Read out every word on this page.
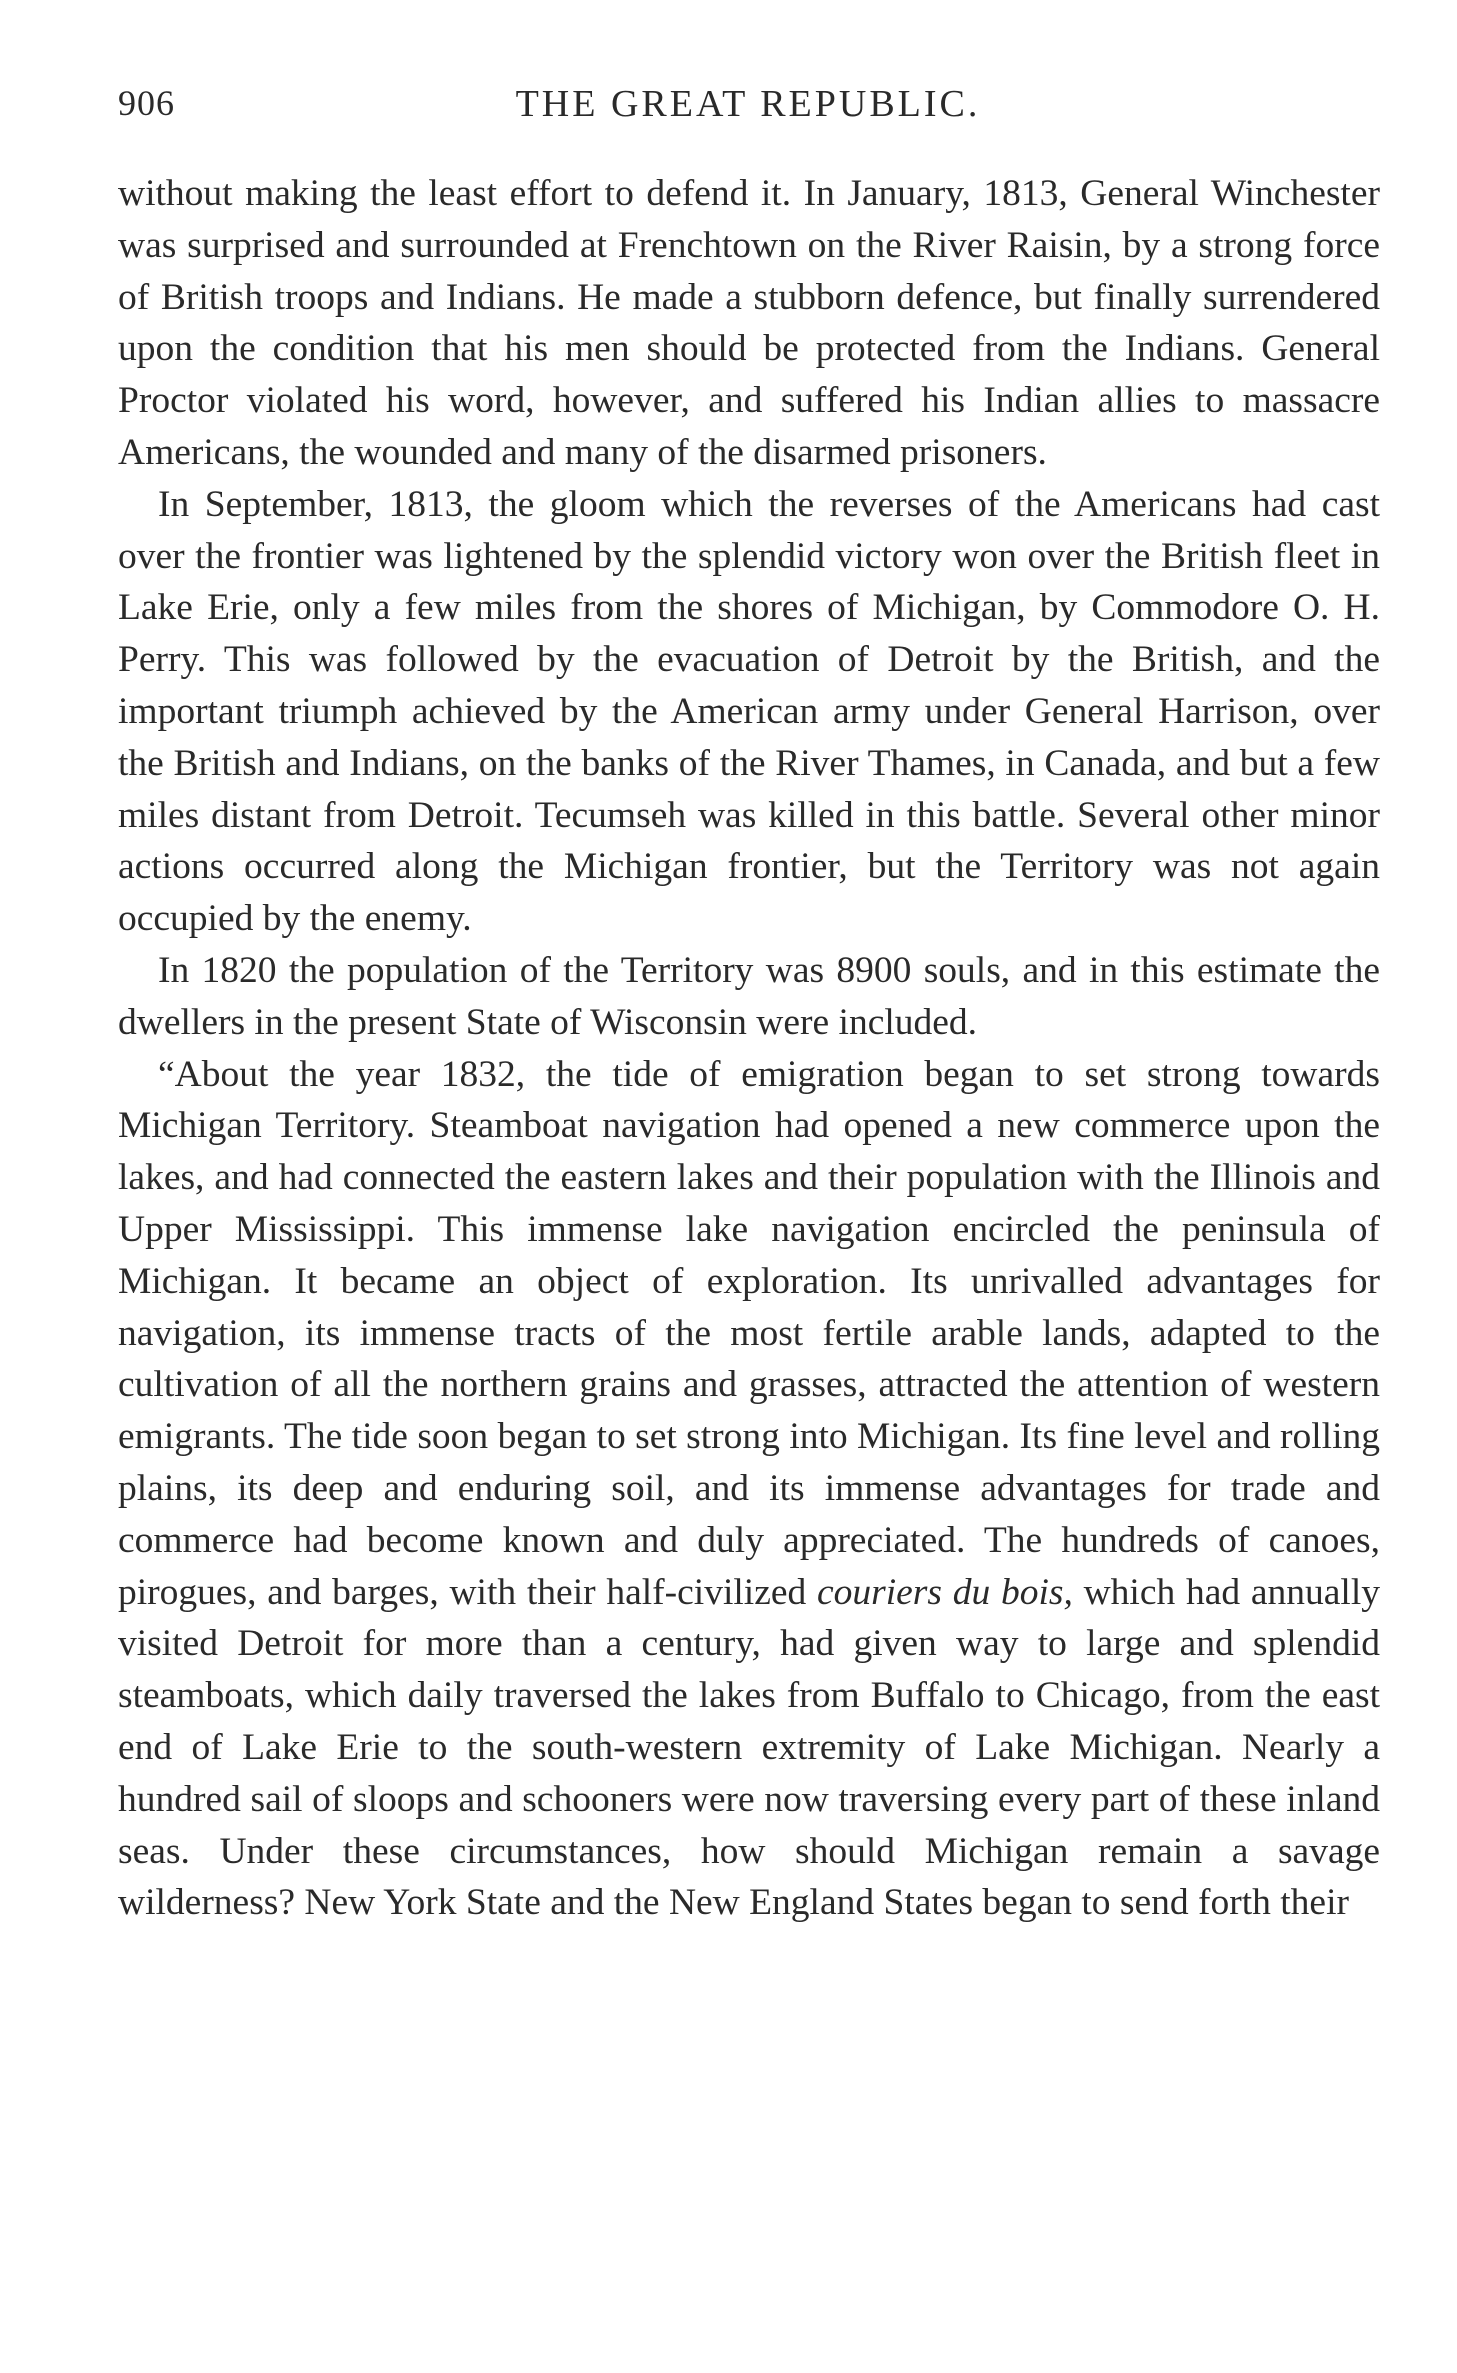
906	THE GREAT REPUBLIC.

without making the least effort to defend it. In January, 1813, General Winchester was surprised and surrounded at Frenchtown on the River Raisin, by a strong force of British troops and Indians. He made a stubborn defence, but finally surrendered upon the condition that his men should be protected from the Indians. General Proctor violated his word, however, and suffered his Indian allies to massacre Americans, the wounded and many of the disarmed prisoners.

In September, 1813, the gloom which the reverses of the Americans had cast over the frontier was lightened by the splendid victory won over the British fleet in Lake Erie, only a few miles from the shores of Michigan, by Commodore O. H. Perry. This was followed by the evacuation of Detroit by the British, and the important triumph achieved by the American army under General Harrison, over the British and Indians, on the banks of the River Thames, in Canada, and but a few miles distant from Detroit. Tecumseh was killed in this battle. Several other minor actions occurred along the Michigan frontier, but the Territory was not again occupied by the enemy.

In 1820 the population of the Territory was 8900 souls, and in this estimate the dwellers in the present State of Wisconsin were included.

“About the year 1832, the tide of emigration began to set strong towards Michigan Territory. Steamboat navigation had opened a new commerce upon the lakes, and had connected the eastern lakes and their population with the Illinois and Upper Mississippi. This immense lake navigation encircled the peninsula of Michigan. It became an object of exploration. Its unrivalled advantages for navigation, its immense tracts of the most fertile arable lands, adapted to the cultivation of all the northern grains and grasses, attracted the attention of western emigrants. The tide soon began to set strong into Michigan. Its fine level and rolling plains, its deep and enduring soil, and its immense advantages for trade and commerce had become known and duly appreciated. The hundreds of canoes, pirogues, and barges, with their half-civilized couriers du bois, which had annually visited Detroit for more than a century, had given way to large and splendid steamboats, which daily traversed the lakes from Buffalo to Chicago, from the east end of Lake Erie to the south-western extremity of Lake Michigan. Nearly a hundred sail of sloops and schooners were now traversing every part of these inland seas. Under these circumstances, how should Michigan remain a savage wilderness? New York State and the New England States began to send forth their
